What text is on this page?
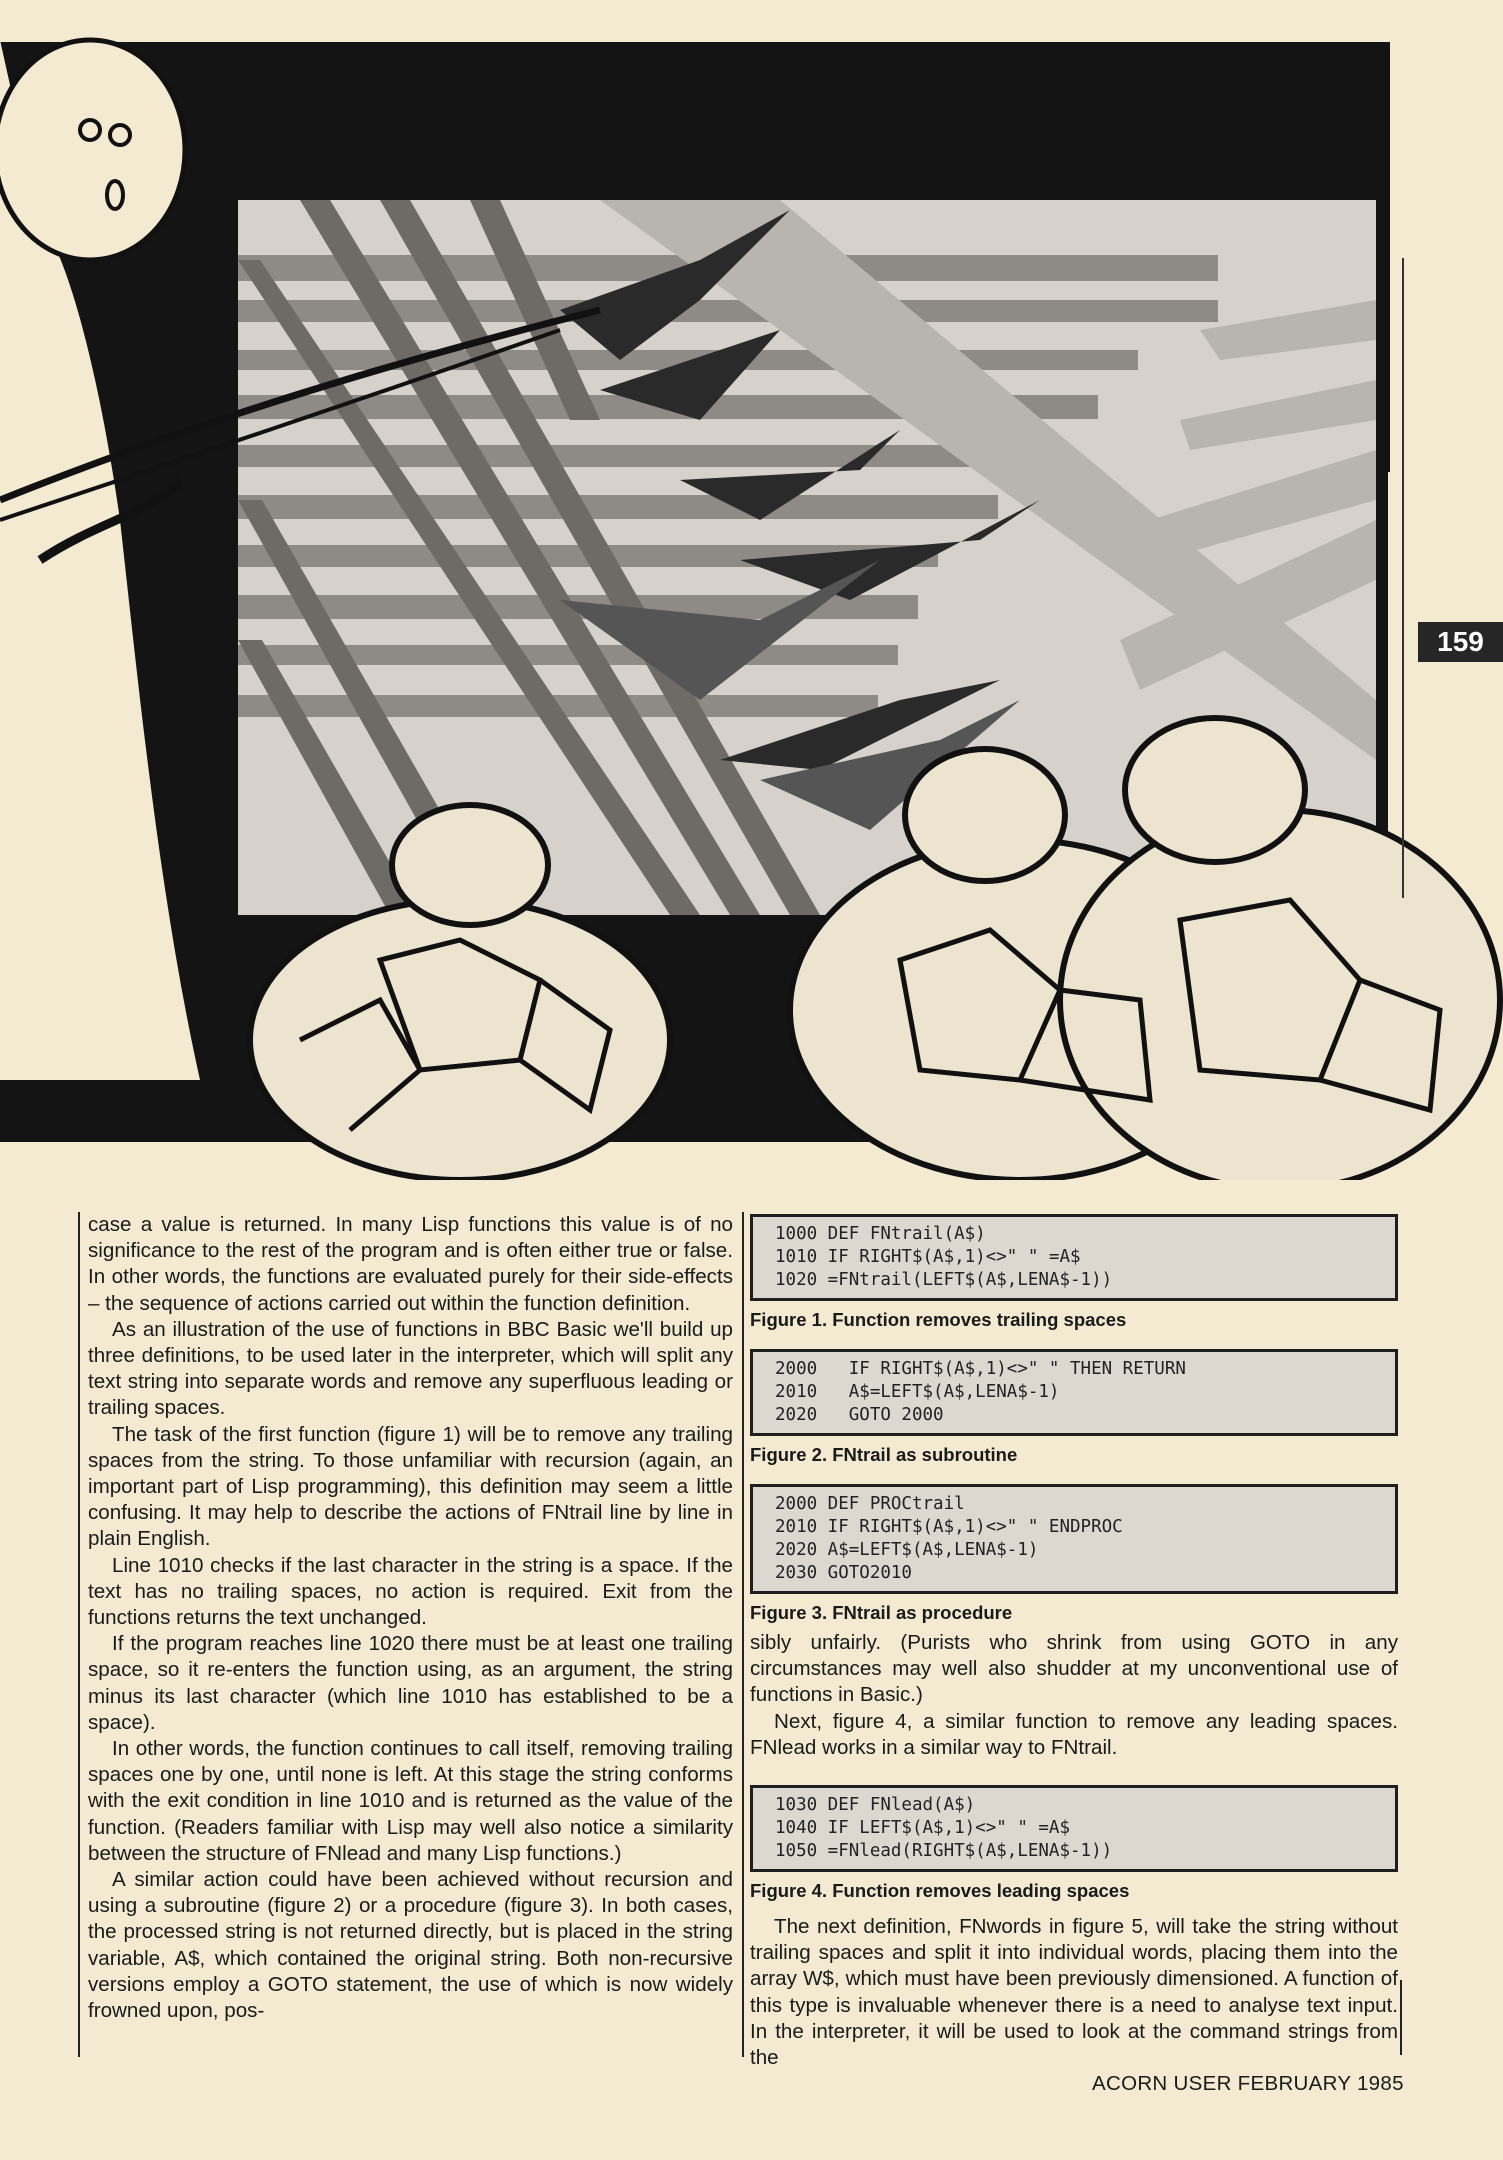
159

case a value is returned. In many Lisp functions this value is of no significance to the rest of the program and is often either true or false. In other words, the functions are evaluated purely for their side-effects – the sequence of actions carried out within the function definition.

As an illustration of the use of functions in BBC Basic we'll build up three definitions, to be used later in the interpreter, which will split any text string into separate words and remove any superfluous leading or trailing spaces.

The task of the first function (figure 1) will be to remove any trailing spaces from the string. To those unfamiliar with recursion (again, an important part of Lisp programming), this definition may seem a little confusing. It may help to describe the actions of FNtrail line by line in plain English.

Line 1010 checks if the last character in the string is a space. If the text has no trailing spaces, no action is required. Exit from the functions returns the text unchanged.

If the program reaches line 1020 there must be at least one trailing space, so it re-enters the function using, as an argument, the string minus its last character (which line 1010 has established to be a space).

In other words, the function continues to call itself, removing trailing spaces one by one, until none is left. At this stage the string conforms with the exit condition in line 1010 and is returned as the value of the function. (Readers familiar with Lisp may well also notice a similarity between the structure of FNlead and many Lisp functions.)

A similar action could have been achieved without recursion and using a subroutine (figure 2) or a procedure (figure 3). In both cases, the processed string is not returned directly, but is placed in the string variable, A$, which contained the original string. Both non-recursive versions employ a GOTO statement, the use of which is now widely frowned upon, pos-

1000 DEF FNtrail(A$)
1010 IF RIGHT$(A$,1)<>" " =A$
1020 =FNtrail(LEFT$(A$,LENA$-1))
Figure 1. Function removes trailing spaces
2000   IF RIGHT$(A$,1)<>" " THEN RETURN
2010   A$=LEFT$(A$,LENA$-1)
2020   GOTO 2000
Figure 2. FNtrail as subroutine
2000 DEF PROCtrail
2010 IF RIGHT$(A$,1)<>" " ENDPROC
2020 A$=LEFT$(A$,LENA$-1)
2030 GOTO2010
Figure 3. FNtrail as procedure

sibly unfairly. (Purists who shrink from using GOTO in any circumstances may well also shudder at my unconventional use of functions in Basic.)

Next, figure 4, a similar function to remove any leading spaces. FNlead works in a similar way to FNtrail.

1030 DEF FNlead(A$)
1040 IF LEFT$(A$,1)<>" " =A$
1050 =FNlead(RIGHT$(A$,LENA$-1))
Figure 4. Function removes leading spaces

The next definition, FNwords in figure 5, will take the string without trailing spaces and split it into individual words, placing them into the array W$, which must have been previously dimensioned. A function of this type is invaluable whenever there is a need to analyse text input. In the interpreter, it will be used to look at the command strings from the

ACORN USER FEBRUARY 1985
